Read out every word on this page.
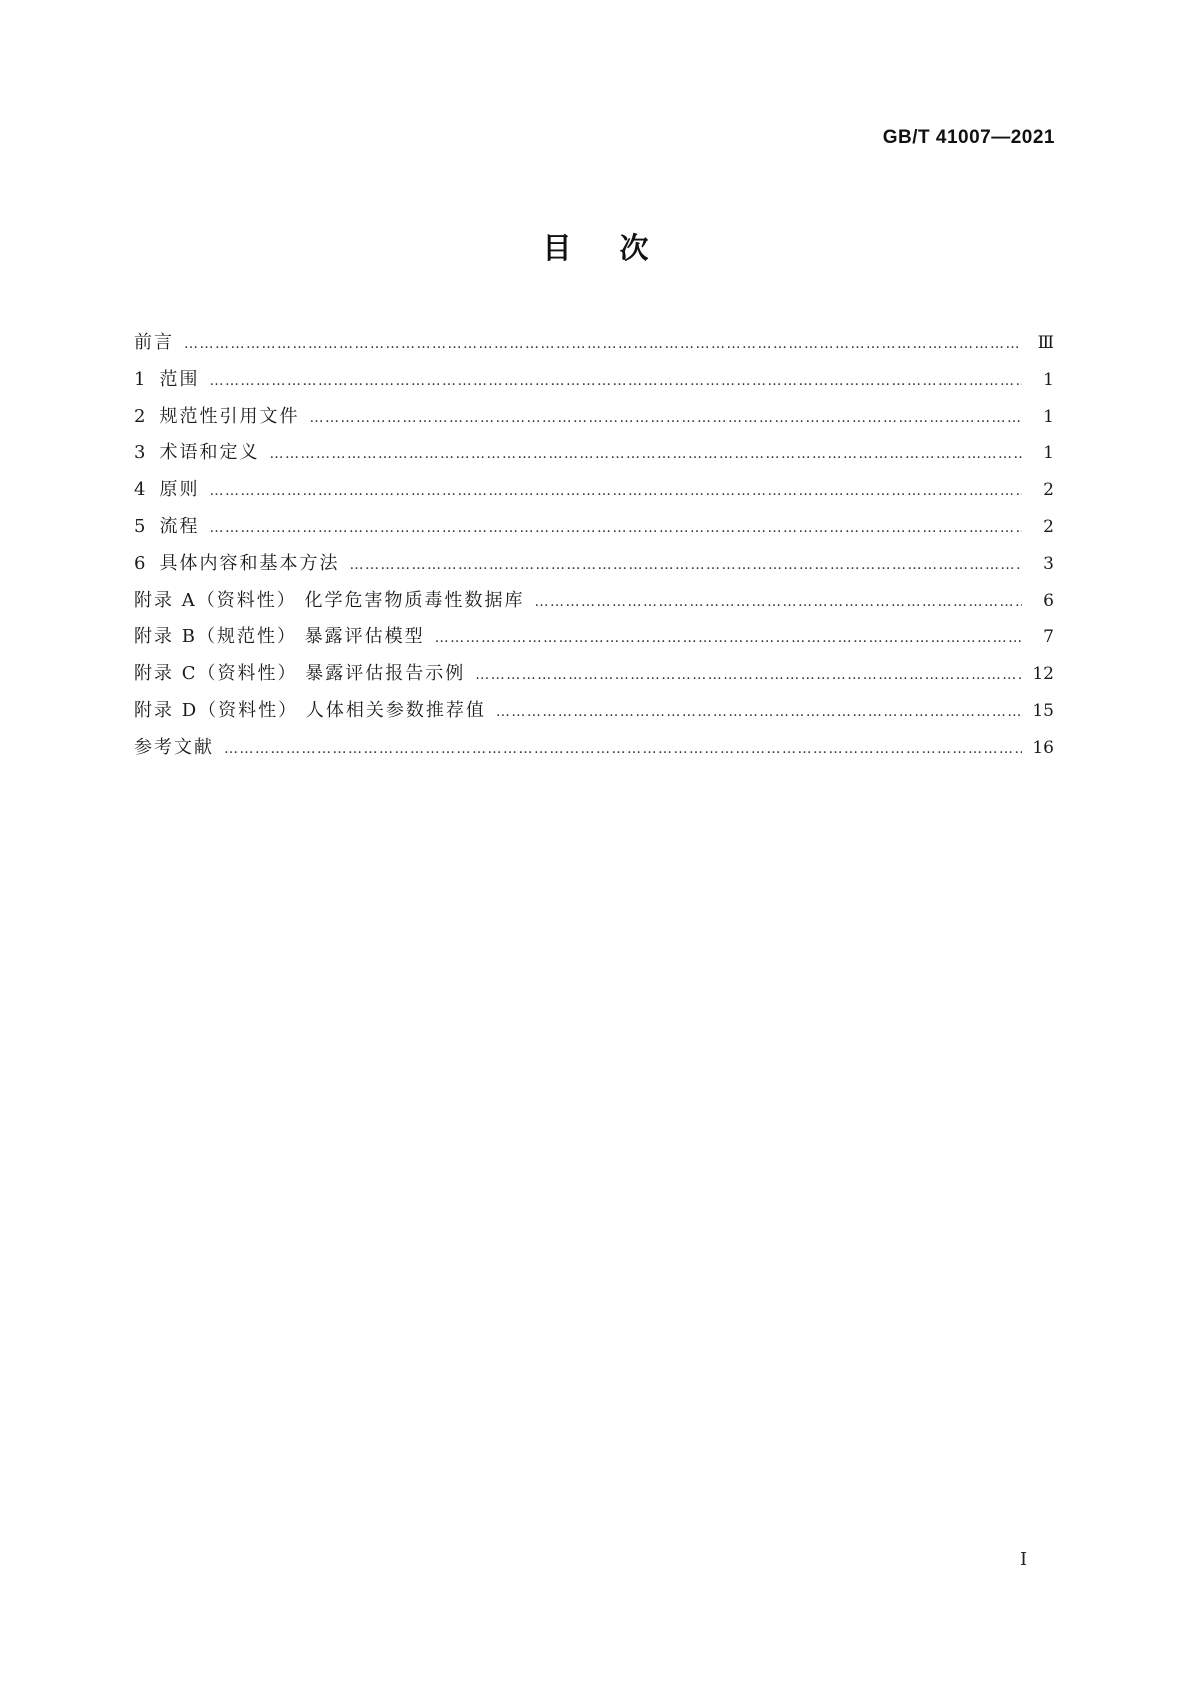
GB/T 41007—2021
目次
前言 ……………………………………………………………………………………………………………………………………………………………………	Ⅲ
1 范围 ……………………………………………………………………………………………………………………………………………………………………	1
2 规范性引用文件 ……………………………………………………………………………………………………………………………………………………………………	1
3 术语和定义 ……………………………………………………………………………………………………………………………………………………………………	1
4 原则 ……………………………………………………………………………………………………………………………………………………………………	2
5 流程 ……………………………………………………………………………………………………………………………………………………………………	2
6 具体内容和基本方法 ……………………………………………………………………………………………………………………………………………………………………	3
附录 A（资料性） 化学危害物质毒性数据库 ……………………………………………………………………………………………………………………………………………………………………	6
附录 B（规范性） 暴露评估模型 ……………………………………………………………………………………………………………………………………………………………………	7
附录 C（资料性） 暴露评估报告示例 ……………………………………………………………………………………………………………………………………………………………………	12
附录 D（资料性） 人体相关参数推荐值 ……………………………………………………………………………………………………………………………………………………………………	15
参考文献 ……………………………………………………………………………………………………………………………………………………………………	16
I
